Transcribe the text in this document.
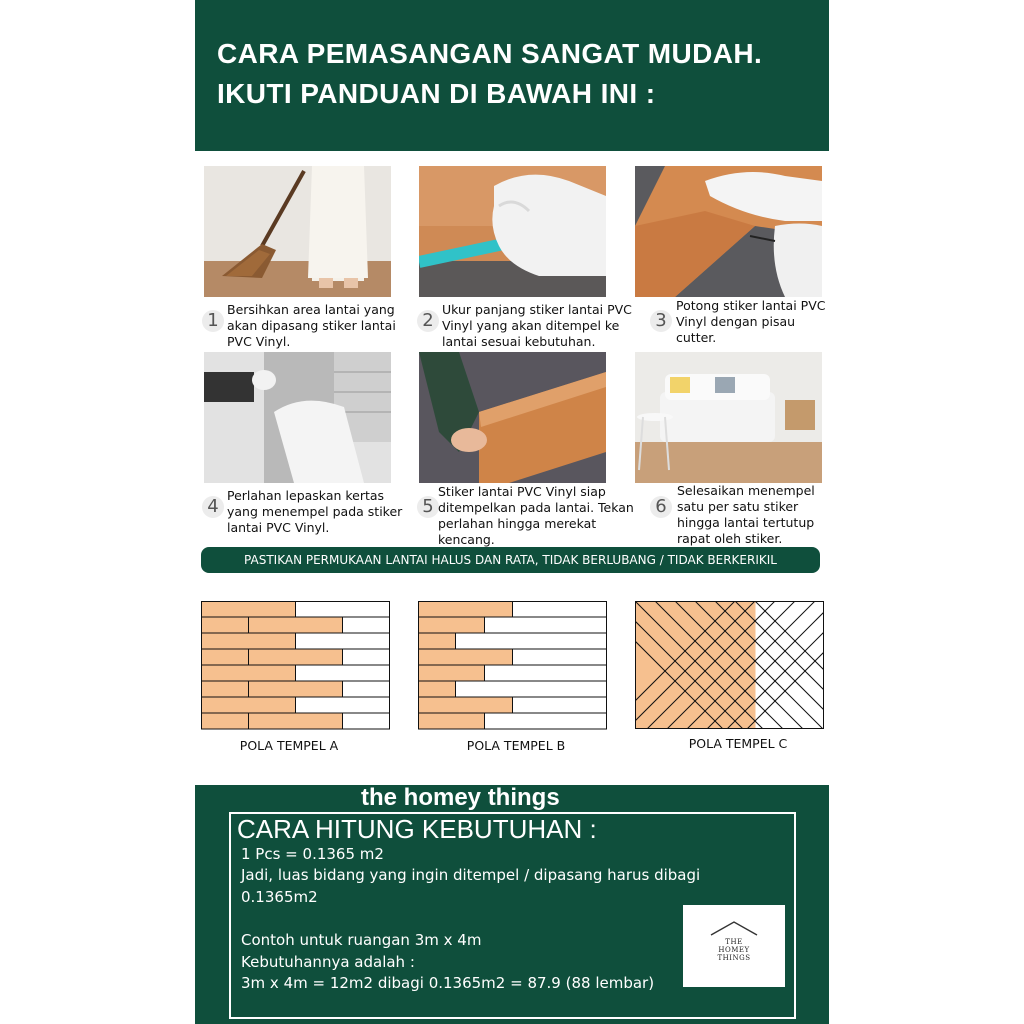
CARA PEMASANGAN SANGAT MUDAH.
IKUTI PANDUAN DI BAWAH INI :
1
Bersihkan area lantai yang akan dipasang stiker lantai PVC Vinyl.
2
Ukur panjang stiker lantai PVC Vinyl yang akan ditempel ke lantai sesuai kebutuhan.
3
Potong stiker lantai PVC Vinyl dengan pisau cutter.
4
Perlahan lepaskan kertas yang menempel pada stiker lantai PVC Vinyl.
5
Stiker lantai PVC Vinyl siap ditempelkan pada lantai. Tekan perlahan hingga merekat kencang.
6
Selesaikan menempel satu per satu stiker hingga lantai tertutup rapat oleh stiker.
PASTIKAN PERMUKAAN LANTAI HALUS DAN RATA, TIDAK BERLUBANG / TIDAK BERKERIKIL
POLA TEMPEL A	POLA TEMPEL B	POLA TEMPEL C
the homey things
CARA HITUNG KEBUTUHAN :
1 Pcs = 0.1365 m2
Jadi, luas bidang yang ingin ditempel / dipasang harus dibagi
0.1365m2
Contoh untuk ruangan 3m x 4m
Kebutuhannya adalah :
3m x 4m = 12m2 dibagi 0.1365m2 = 87.9 (88 lembar)
THE
HOMEY
THINGS
